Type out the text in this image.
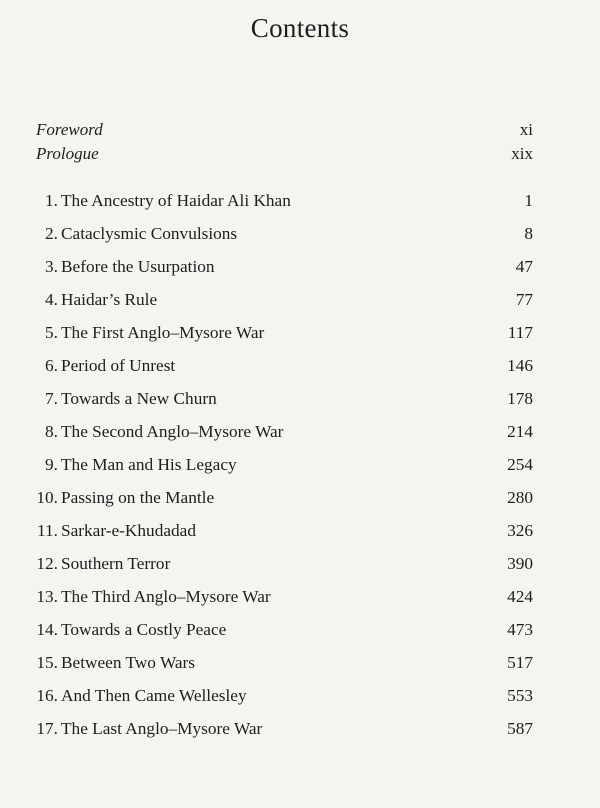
Contents
Foreword	xi
Prologue	xix
1. The Ancestry of Haidar Ali Khan	1
2. Cataclysmic Convulsions	8
3. Before the Usurpation	47
4. Haidar’s Rule	77
5. The First Anglo–Mysore War	117
6. Period of Unrest	146
7. Towards a New Churn	178
8. The Second Anglo–Mysore War	214
9. The Man and His Legacy	254
10. Passing on the Mantle	280
11. Sarkar-e-Khudadad	326
12. Southern Terror	390
13. The Third Anglo–Mysore War	424
14. Towards a Costly Peace	473
15. Between Two Wars	517
16. And Then Came Wellesley	553
17. The Last Anglo–Mysore War	587
